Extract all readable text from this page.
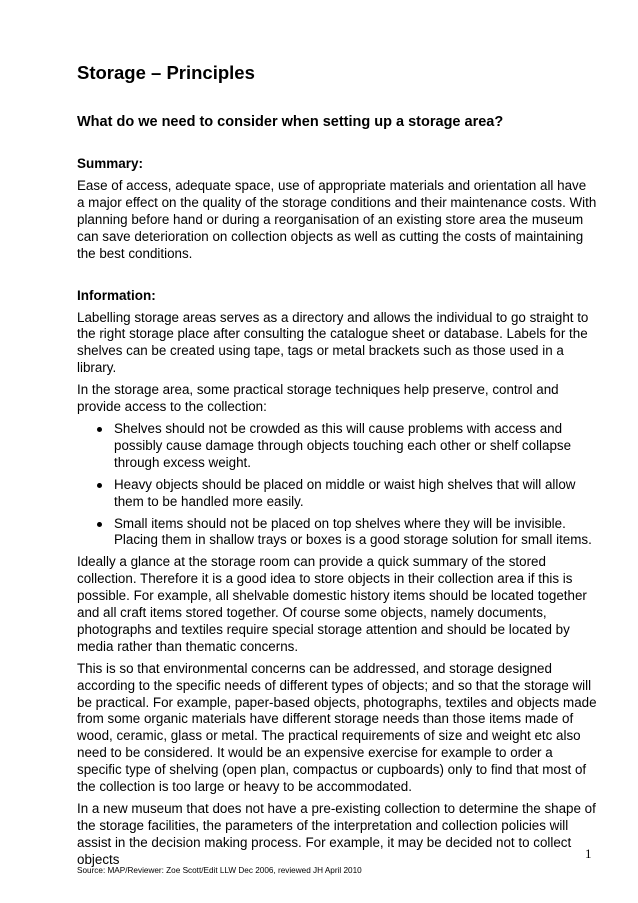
Storage – Principles
What do we need to consider when setting up a storage area?
Summary:

Ease of access, adequate space, use of appropriate materials and orientation all have a major effect on the quality of the storage conditions and their maintenance costs. With planning before hand or during a reorganisation of an existing store area the museum can save deterioration on collection objects as well as cutting the costs of maintaining the best conditions.

Information:

Labelling storage areas serves as a directory and allows the individual to go straight to the right storage place after consulting the catalogue sheet or database. Labels for the shelves can be created using tape, tags or metal brackets such as those used in a library.

In the storage area, some practical storage techniques help preserve, control and provide access to the collection:

Shelves should not be crowded as this will cause problems with access and possibly cause damage through objects touching each other or shelf collapse through excess weight.
Heavy objects should be placed on middle or waist high shelves that will allow them to be handled more easily.
Small items should not be placed on top shelves where they will be invisible. Placing them in shallow trays or boxes is a good storage solution for small items.

Ideally a glance at the storage room can provide a quick summary of the stored collection. Therefore it is a good idea to store objects in their collection area if this is possible. For example, all shelvable domestic history items should be located together and all craft items stored together. Of course some objects, namely documents, photographs and textiles require special storage attention and should be located by media rather than thematic concerns.

This is so that environmental concerns can be addressed, and storage designed according to the specific needs of different types of objects; and so that the storage will be practical. For example, paper-based objects, photographs, textiles and objects made from some organic materials have different storage needs than those items made of wood, ceramic, glass or metal. The practical requirements of size and weight etc also need to be considered. It would be an expensive exercise for example to order a specific type of shelving (open plan, compactus or cupboards) only to find that most of the collection is too large or heavy to be accommodated.

In a new museum that does not have a pre-existing collection to determine the shape of the storage facilities, the parameters of the interpretation and collection policies will assist in the decision making process. For example, it may be decided not to collect objects	1
Source: MAP/Reviewer: Zoe Scott/Edit LLW Dec 2006, reviewed JH April 2010
